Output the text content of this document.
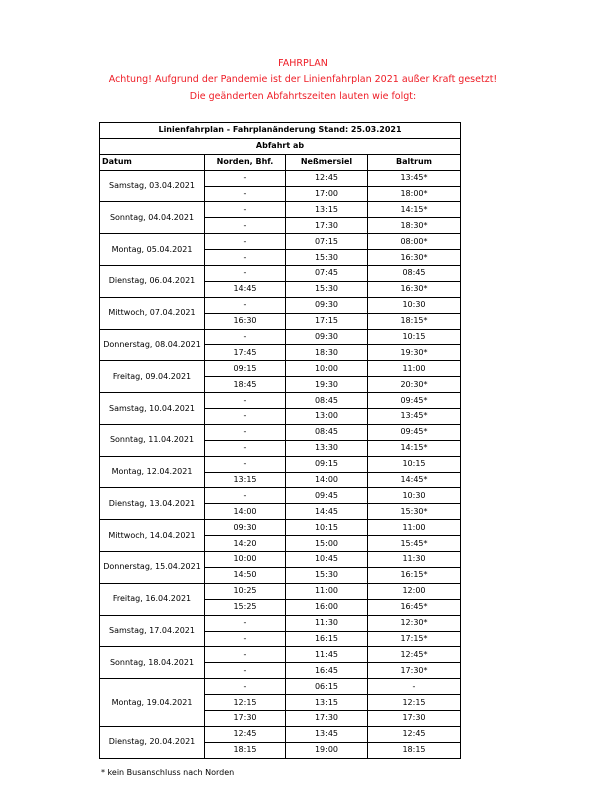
FAHRPLAN
Achtung! Aufgrund der Pandemie ist der Linienfahrplan 2021 außer Kraft gesetzt!
Die geänderten Abfahrtszeiten lauten wie folgt:
Linienfahrplan - Fahrplanänderung Stand: 25.03.2021			
Abfahrt ab			
Datum	Norden, Bhf.	Neßmersiel	Baltrum
Samstag, 03.04.2021	-	12:45	13:45*
	-	17:00	18:00*
Sonntag, 04.04.2021	-	13:15	14:15*
	-	17:30	18:30*
Montag, 05.04.2021	-	07:15	08:00*
	-	15:30	16:30*
Dienstag, 06.04.2021	-	07:45	08:45
	14:45	15:30	16:30*
Mittwoch, 07.04.2021	-	09:30	10:30
	16:30	17:15	18:15*
Donnerstag, 08.04.2021	-	09:30	10:15
	17:45	18:30	19:30*
Freitag, 09.04.2021	09:15	10:00	11:00
	18:45	19:30	20:30*
Samstag, 10.04.2021	-	08:45	09:45*
	-	13:00	13:45*
Sonntag, 11.04.2021	-	08:45	09:45*
	-	13:30	14:15*
Montag, 12.04.2021	-	09:15	10:15
	13:15	14:00	14:45*
Dienstag, 13.04.2021	-	09:45	10:30
	14:00	14:45	15:30*
Mittwoch, 14.04.2021	09:30	10:15	11:00
	14:20	15:00	15:45*
Donnerstag, 15.04.2021	10:00	10:45	11:30
	14:50	15:30	16:15*
Freitag, 16.04.2021	10:25	11:00	12:00
	15:25	16:00	16:45*
Samstag, 17.04.2021	-	11:30	12:30*
	-	16:15	17:15*
Sonntag, 18.04.2021	-	11:45	12:45*
	-	16:45	17:30*
Montag, 19.04.2021	-	06:15	-
	12:15	13:15	12:15
	17:30	17:30	17:30
Dienstag, 20.04.2021	12:45	13:45	12:45
	18:15	19:00	18:15
* kein Busanschluss nach Norden
